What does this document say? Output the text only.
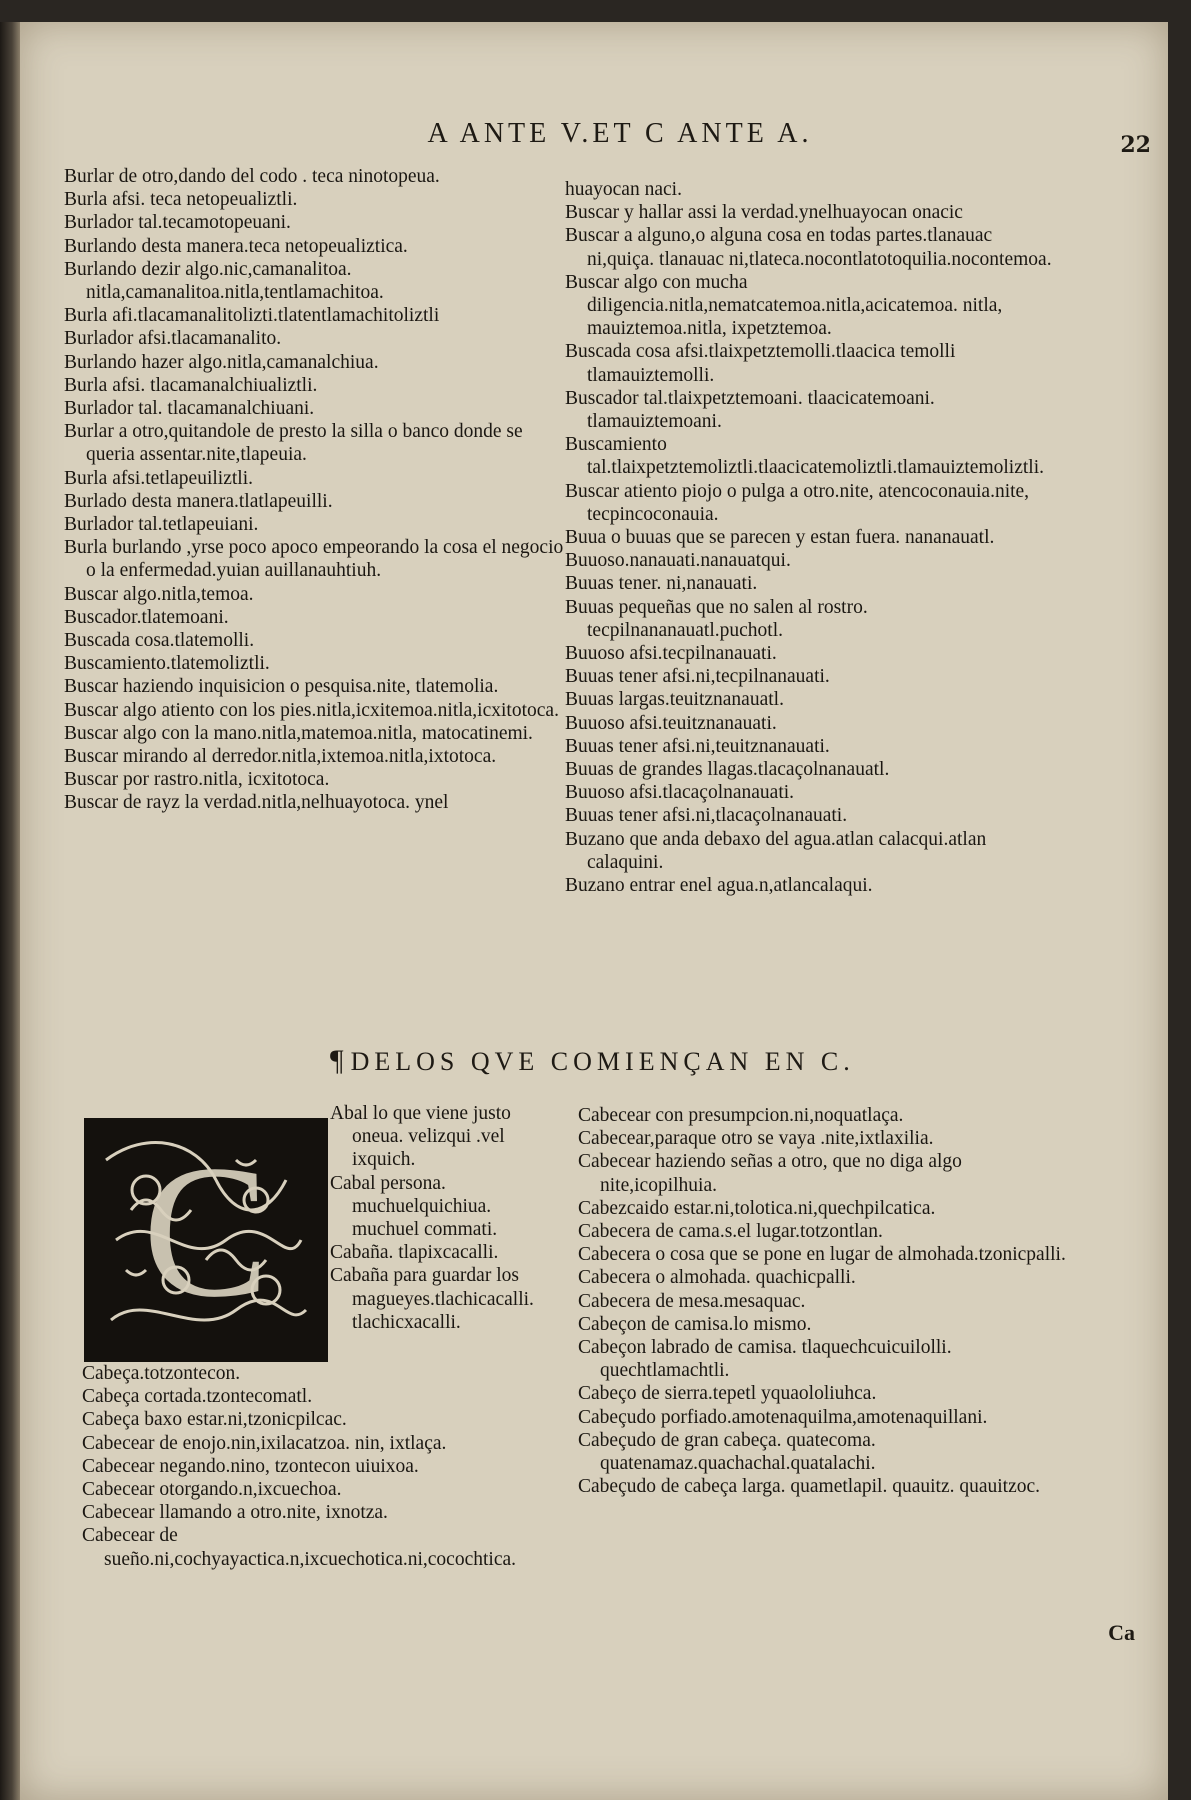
A ANTE V.ET C ANTE A.	22

Burlar de otro,dando del codo . teca ninotopeua.

Burla afsi. teca netopeualiztli.

Burlador tal.tecamotopeuani.

Burlando desta manera.teca netopeualiztica.

Burlando dezir algo.nic,camanalitoa. nitla,camanalitoa.nitla,tentlamachitoa.

Burla afi.tlacamanalitolizti.tlatentlamachitoliztli

Burlador afsi.tlacamanalito.

Burlando hazer algo.nitla,camanalchiua.

Burla afsi. tlacamanalchiualiztli.

Burlador tal. tlacamanalchiuani.

Burlar a otro,quitandole de presto la silla o banco donde se queria assentar.nite,tlapeuia.

Burla afsi.tetlapeuiliztli.

Burlado desta manera.tlatlapeuilli.

Burlador tal.tetlapeuiani.

Burla burlando ,yrse poco apoco empeorando la cosa el negocio o la enfermedad.yuian auillanauhtiuh.

Buscar algo.nitla,temoa.

Buscador.tlatemoani.

Buscada cosa.tlatemolli.

Buscamiento.tlatemoliztli.

Buscar haziendo inquisicion o pesquisa.nite, tlatemolia.

Buscar algo atiento con los pies.nitla,icxitemoa.nitla,icxitotoca.

Buscar algo con la mano.nitla,matemoa.nitla, matocatinemi.

Buscar mirando al derredor.nitla,ixtemoa.nitla,ixtotoca.

Buscar por rastro.nitla, icxitotoca.

Buscar de rayz la verdad.nitla,nelhuayotoca. ynel

huayocan naci.

Buscar y hallar assi la verdad.ynelhuayocan onacic

Buscar a alguno,o alguna cosa en todas partes.tlanauac ni,quiça. tlanauac ni,tlateca.nocontlatotoquilia.nocontemoa.

Buscar algo con mucha diligencia.nitla,nematcatemoa.nitla,acicatemoa. nitla, mauiztemoa.nitla, ixpetztemoa.

Buscada cosa afsi.tlaixpetztemolli.tlaacica temolli tlamauiztemolli.

Buscador tal.tlaixpetztemoani. tlaacicatemoani. tlamauiztemoani.

Buscamiento tal.tlaixpetztemoliztli.tlaacicatemoliztli.tlamauiztemoliztli.

Buscar atiento piojo o pulga a otro.nite, atencoconauia.nite, tecpincoconauia.

Buua o buuas que se parecen y estan fuera. nananauatl.

Buuoso.nanauati.nanauatqui.

Buuas tener. ni,nanauati.

Buuas pequeñas que no salen al rostro. tecpilnananauatl.puchotl.

Buuoso afsi.tecpilnanauati.

Buuas tener afsi.ni,tecpilnanauati.

Buuas largas.teuitznanauatl.

Buuoso afsi.teuitznanauati.

Buuas tener afsi.ni,teuitznanauati.

Buuas de grandes llagas.tlacaçolnanauatl.

Buuoso afsi.tlacaçolnanauati.

Buuas tener afsi.ni,tlacaçolnanauati.

Buzano que anda debaxo del agua.atlan calacqui.atlan calaquini.

Buzano entrar enel agua.n,atlancalaqui.

¶DELOS QVE COMIENÇAN EN C.
C

Abal lo que viene justo oneua. velizqui .vel ixquich.

Cabal persona. muchuelquichiua. muchuel commati.

Cabaña. tlapixcacalli.

Cabaña para guardar los magueyes.tlachicacalli. tlachicxacalli.

Cabeça.totzontecon.

Cabeça cortada.tzontecomatl.

Cabeça baxo estar.ni,tzonicpilcac.

Cabecear de enojo.nin,ixilacatzoa. nin, ixtlaça.

Cabecear negando.nino, tzontecon uiuixoa.

Cabecear otorgando.n,ixcuechoa.

Cabecear llamando a otro.nite, ixnotza.

Cabecear de sueño.ni,cochyayactica.n,ixcuechotica.ni,cocochtica.

Cabecear con presumpcion.ni,noquatlaça.

Cabecear,paraque otro se vaya .nite,ixtlaxilia.

Cabecear haziendo señas a otro, que no diga algo nite,icopilhuia.

Cabezcaido estar.ni,tolotica.ni,quechpilcatica.

Cabecera de cama.s.el lugar.totzontlan.

Cabecera o cosa que se pone en lugar de almohada.tzonicpalli.

Cabecera o almohada. quachicpalli.

Cabecera de mesa.mesaquac.

Cabeçon de camisa.lo mismo.

Cabeçon labrado de camisa. tlaquechcuicuilolli. quechtlamachtli.

Cabeço de sierra.tepetl yquaololiuhca.

Cabeçudo porfiado.amotenaquilma,amotenaquillani.

Cabeçudo de gran cabeça. quatecoma. quatenamaz.quachachal.quatalachi.

Cabeçudo de cabeça larga. quametlapil. quauitz. quauitzoc.

Ca
